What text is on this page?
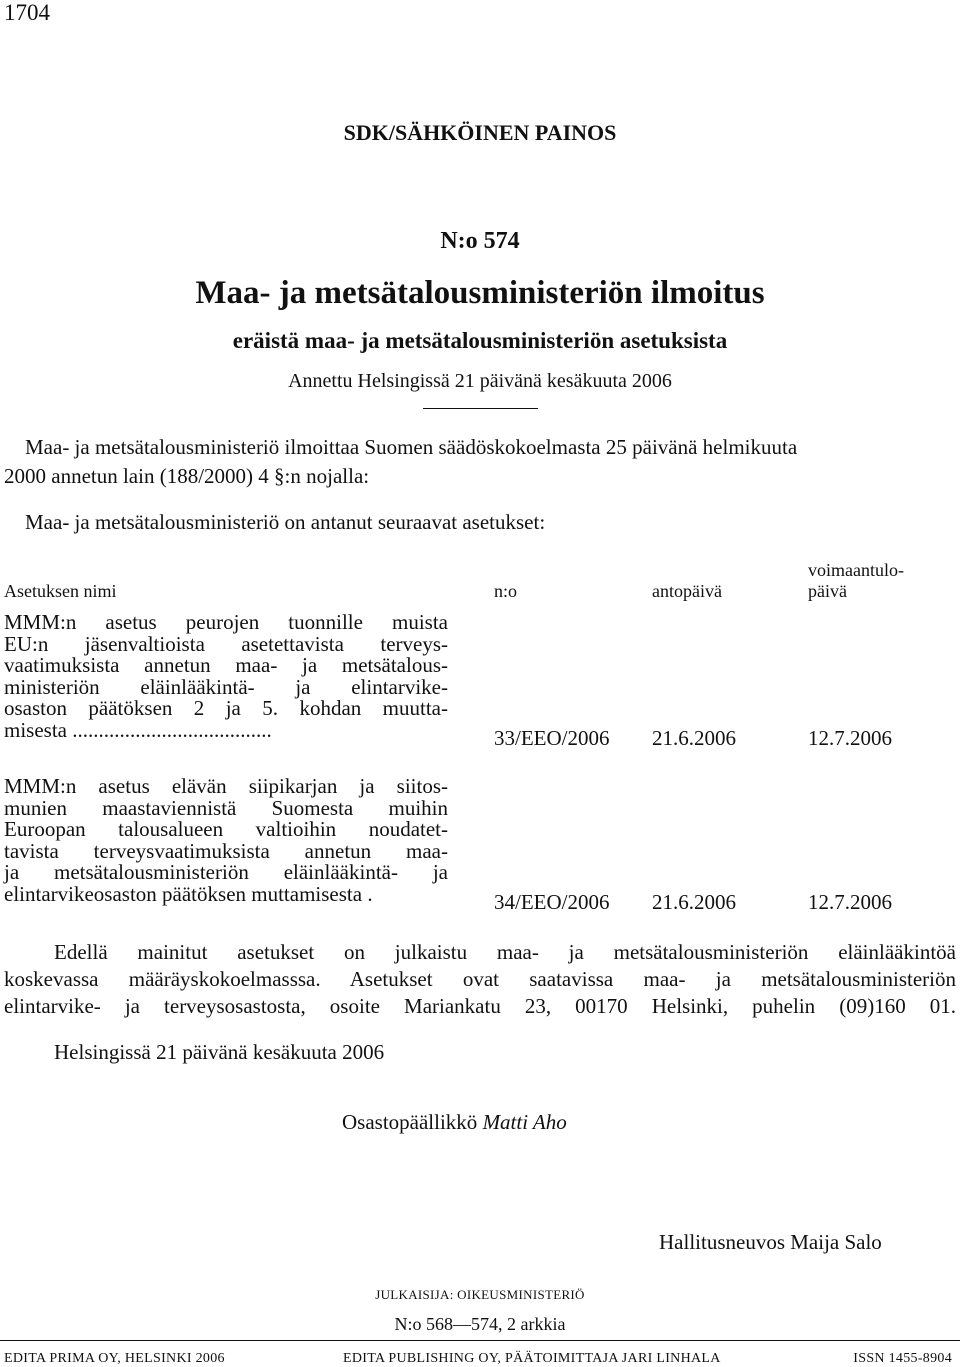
1704
SDK/SÄHKÖINEN PAINOS
N:o 574
Maa- ja metsätalousministeriön ilmoitus
eräistä maa- ja metsätalousministeriön asetuksista
Annettu Helsingissä 21 päivänä kesäkuuta 2006
Maa- ja metsätalousministeriö ilmoittaa Suomen säädöskokoelmasta 25 päivänä helmikuuta
2000 annetun lain (188/2000) 4 §:n nojalla:
Maa- ja metsätalousministeriö on antanut seuraavat asetukset:
Asetuksen nimi	n:o	antopäivä
voimaantulo-
päivä
MMM:n asetus peurojen tuonnille muista
EU:n jäsenvaltioista asetettavista terveys-
vaatimuksista annetun maa- ja metsätalous-
ministeriön eläinlääkintä- ja elintarvike-
osaston päätöksen 2 ja 5. kohdan muutta-
misesta ......................................	33/EEO/2006 21.6.2006	12.7.2006
MMM:n asetus elävän siipikarjan ja siitos-
munien maastaviennistä Suomesta muihin
Euroopan talousalueen valtioihin noudatet-
tavista terveysvaatimuksista annetun maa-
ja metsätalousministeriön eläinlääkintä- ja
elintarvikeosaston päätöksen muttamisesta .	34/EEO/2006 21.6.2006	12.7.2006
Edellä mainitut asetukset on julkaistu maa- ja metsätalousministeriön eläinlääkintöä
koskevassa määräyskokoelmasssa. Asetukset ovat saatavissa maa- ja metsätalousministeriön
elintarvike- ja terveysosastosta, osoite Mariankatu 23, 00170 Helsinki, puhelin (09)160 01.
Helsingissä 21 päivänä kesäkuuta 2006
Osastopäällikkö Matti Aho
Hallitusneuvos Maija Salo
JULKAISIJA: OIKEUSMINISTERIÖ
N:o 568—574, 2 arkkia
EDITA PRIMA OY, HELSINKI 2006	EDITA PUBLISHING OY, PÄÄTOIMITTAJA JARI LINHALA	ISSN 1455-8904
